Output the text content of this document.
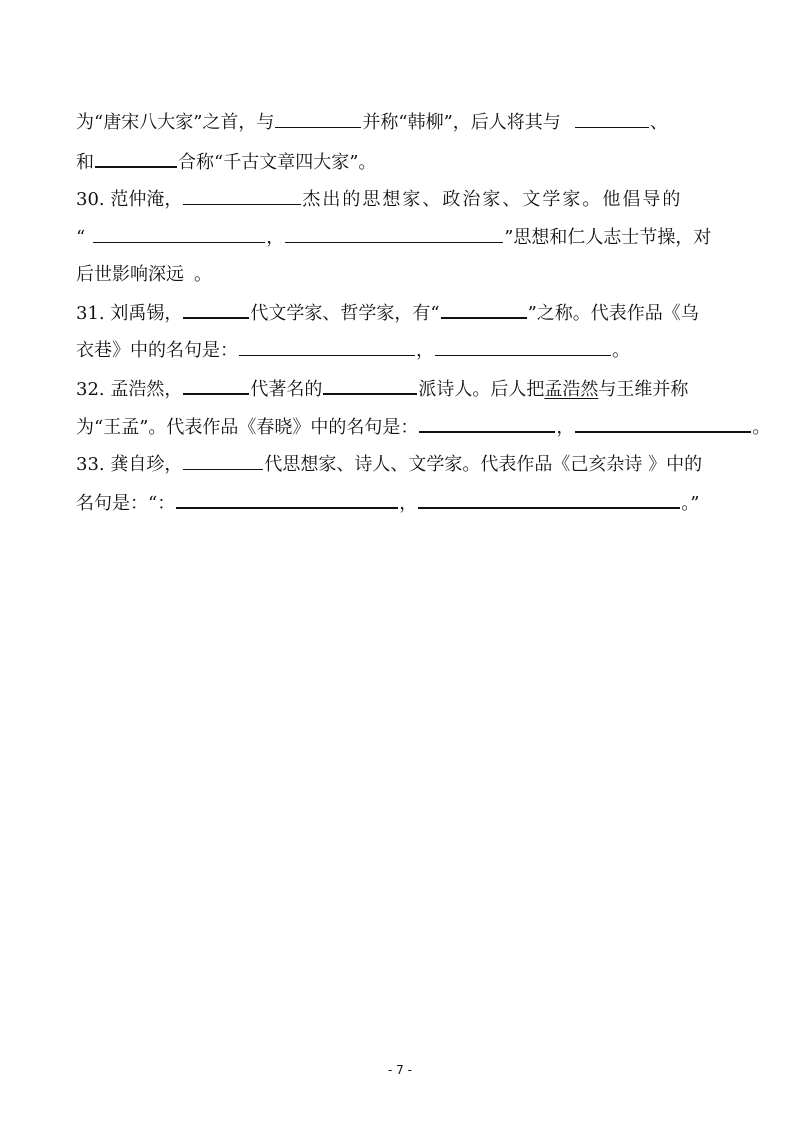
为“唐宋八大家”之首，与	并称“韩柳”，后人将其与	、
和	合称“千古文章四大家”。
30. 范仲淹，	杰出的思想家、政治家、文学家。他倡导的
“	，	”思想和仁人志士节操，对
后世影响深远 。
31. 刘禹锡，	代文学家、哲学家，有“	”之称。代表作品《乌
衣巷》中的名句是：	，	。
32. 孟浩然，	代著名的	派诗人。后人把孟浩然与王维并称
为“王孟”。代表作品《春晓》中的名句是：	，	。
33. 龚自珍，	代思想家、诗人、文学家。代表作品《己亥杂诗 》中的
名句是：“：	，	。”
- 7 -
